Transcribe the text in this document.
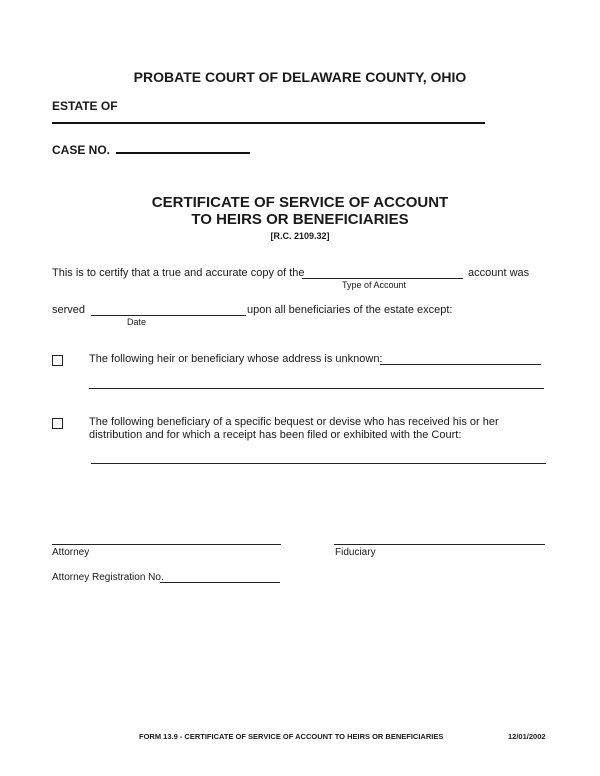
PROBATE COURT OF DELAWARE COUNTY, OHIO
ESTATE OF
CASE NO.
CERTIFICATE OF SERVICE OF ACCOUNT
TO HEIRS OR BENEFICIARIES
[R.C. 2109.32]
This is to certify that a true and accurate copy of the	account was
Type of Account
served	upon all beneficiaries of the estate except:
Date
The following heir or beneficiary whose address is unknown:
The following beneficiary of a specific bequest or devise who has received his or her
distribution and for which a receipt has been filed or exhibited with the Court:
Attorney	Fiduciary
Attorney Registration No.
FORM 13.9 - CERTIFICATE OF SERVICE OF ACCOUNT TO HEIRS OR BENEFICIARIES	12/01/2002
